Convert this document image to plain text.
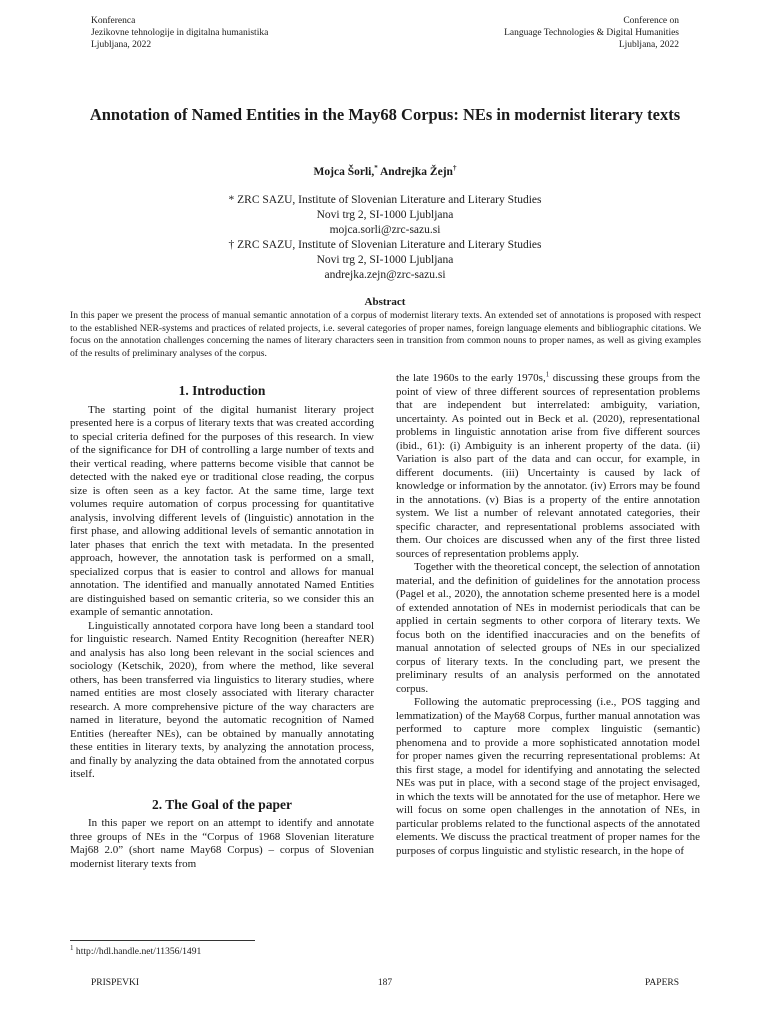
Konferenca
Jezikovne tehnologije in digitalna humanistika
Ljubljana, 2022
Conference on
Language Technologies & Digital Humanities
Ljubljana, 2022
Annotation of Named Entities in the May68 Corpus: NEs in modernist literary texts
Mojca Šorli,* Andrejka Žejn†
* ZRC SAZU, Institute of Slovenian Literature and Literary Studies
Novi trg 2, SI-1000 Ljubljana
mojca.sorli@zrc-sazu.si
† ZRC SAZU, Institute of Slovenian Literature and Literary Studies
Novi trg 2, SI-1000 Ljubljana
andrejka.zejn@zrc-sazu.si
Abstract
In this paper we present the process of manual semantic annotation of a corpus of modernist literary texts. An extended set of annotations is proposed with respect to the established NER-systems and practices of related projects, i.e. several categories of proper names, foreign language elements and bibliographic citations. We focus on the annotation challenges concerning the names of literary characters seen in transition from common nouns to proper names, as well as giving examples of the results of preliminary analyses of the corpus.
1. Introduction

The starting point of the digital humanist literary project presented here is a corpus of literary texts that was created according to special criteria defined for the purposes of this research. In view of the significance for DH of controlling a large number of texts and their vertical reading, where patterns become visible that cannot be detected with the naked eye or traditional close reading, the corpus size is often seen as a key factor. At the same time, large text volumes require automation of corpus processing for quantitative analysis, involving different levels of (linguistic) annotation in the first phase, and allowing additional levels of semantic annotation in later phases that enrich the text with metadata. In the presented approach, however, the annotation task is performed on a small, specialized corpus that is easier to control and allows for manual annotation. The identified and manually annotated Named Entities are distinguished based on semantic criteria, so we consider this an example of semantic annotation.

Linguistically annotated corpora have long been a standard tool for linguistic research. Named Entity Recognition (hereafter NER) and analysis has also long been relevant in the social sciences and sociology (Ketschik, 2020), from where the method, like several others, has been transferred via linguistics to literary studies, where named entities are most closely associated with literary character research. A more comprehensive picture of the way characters are named in literature, beyond the automatic recognition of Named Entities (hereafter NEs), can be obtained by manually annotating these entities in literary texts, by analyzing the annotation process, and finally by analyzing the data obtained from the annotated corpus itself.

2. The Goal of the paper

In this paper we report on an attempt to identify and annotate three groups of NEs in the “Corpus of 1968 Slovenian literature Maj68 2.0” (short name May68 Corpus) – corpus of Slovenian modernist literary texts from

the late 1960s to the early 1970s,$^1$ discussing these groups from the point of view of three different sources of representation problems that are independent but interrelated: ambiguity, variation, uncertainty. As pointed out in Beck et al. (2020), representational problems in linguistic annotation arise from five different sources (ibid., 61): (i) Ambiguity is an inherent property of the data. (ii) Variation is also part of the data and can occur, for example, in different documents. (iii) Uncertainty is caused by lack of knowledge or information by the annotator. (iv) Errors may be found in the annotations. (v) Bias is a property of the entire annotation system. We list a number of relevant annotated categories, their specific character, and representational problems associated with them. Our choices are discussed when any of the first three listed sources of representation problems apply.

Together with the theoretical concept, the selection of annotation material, and the definition of guidelines for the annotation process (Pagel et al., 2020), the annotation scheme presented here is a model of extended annotation of NEs in modernist periodicals that can be applied in certain segments to other corpora of literary texts. We focus both on the identified inaccuracies and on the benefits of manual annotation of selected groups of NEs in our specialized corpus of literary texts. In the concluding part, we present the preliminary results of an analysis performed on the annotated corpus.

Following the automatic preprocessing (i.e., POS tagging and lemmatization) of the May68 Corpus, further manual annotation was performed to capture more complex linguistic (semantic) phenomena and to provide a more sophisticated annotation model for proper names given the recurring representational problems: At this first stage, a model for identifying and annotating the selected NEs was put in place, with a second stage of the project envisaged, in which the texts will be annotated for the use of metaphor. Here we will focus on some open challenges in the annotation of NEs, in particular problems related to the functional aspects of the annotated elements. We discuss the practical treatment of proper names for the purposes of corpus linguistic and stylistic research, in the hope of

$^1$ http://hdl.handle.net/11356/1491
PRISPEVKI	187	PAPERS
